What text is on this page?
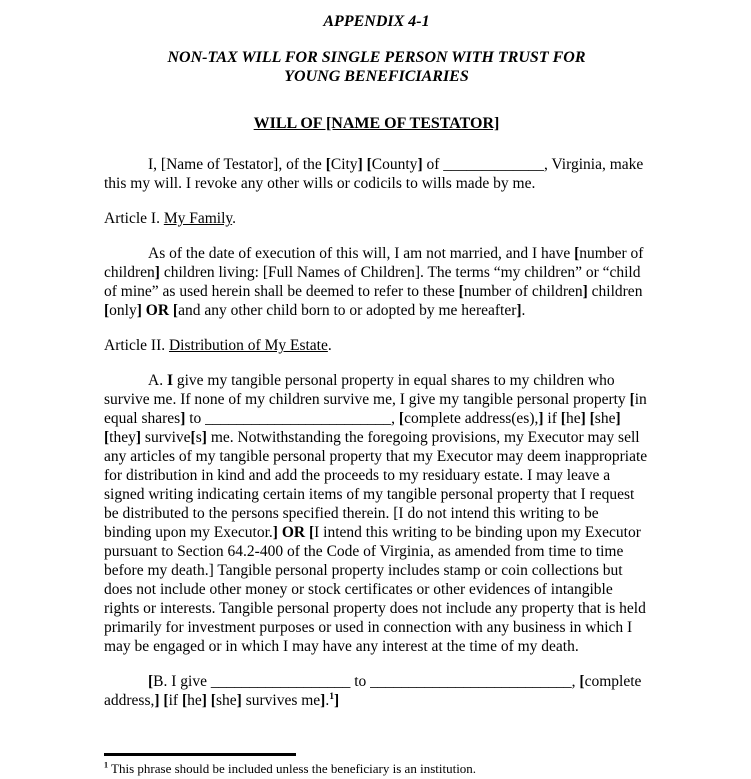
APPENDIX 4-1
NON-TAX WILL FOR SINGLE PERSON WITH TRUST FOR
YOUNG BENEFICIARIES
WILL OF [NAME OF TESTATOR]

I, [Name of Testator], of the [City] [County] of _____________, Virginia, make this my will. I revoke any other wills or codicils to wills made by me.

Article I. My Family.

As of the date of execution of this will, I am not married, and I have [number of children] children living: [Full Names of Children]. The terms “my children” or “child of mine” as used herein shall be deemed to refer to these [number of children] children [only] OR [and any other child born to or adopted by me hereafter].

Article II. Distribution of My Estate.

A. I give my tangible personal property in equal shares to my children who survive me. If none of my children survive me, I give my tangible personal property [in equal shares] to ________________________, [complete address(es),] if [he] [she] [they] survive[s] me. Notwithstanding the foregoing provisions, my Executor may sell any articles of my tangible personal property that my Executor may deem inappropriate for distribution in kind and add the proceeds to my residuary estate. I may leave a signed writing indicating certain items of my tangible personal property that I request be distributed to the persons specified therein. [I do not intend this writing to be binding upon my Executor.] OR [I intend this writing to be binding upon my Executor pursuant to Section 64.2-400 of the Code of Virginia, as amended from time to time before my death.] Tangible personal property includes stamp or coin collections but does not include other money or stock certificates or other evidences of intangible rights or interests. Tangible personal property does not include any property that is held primarily for investment purposes or used in connection with any business in which I may be engaged or in which I may have any interest at the time of my death.

[B. I give __________________ to __________________________, [complete address,] [if [he] [she] survives me].$^1$]

$^1$ This phrase should be included unless the beneficiary is an institution.
